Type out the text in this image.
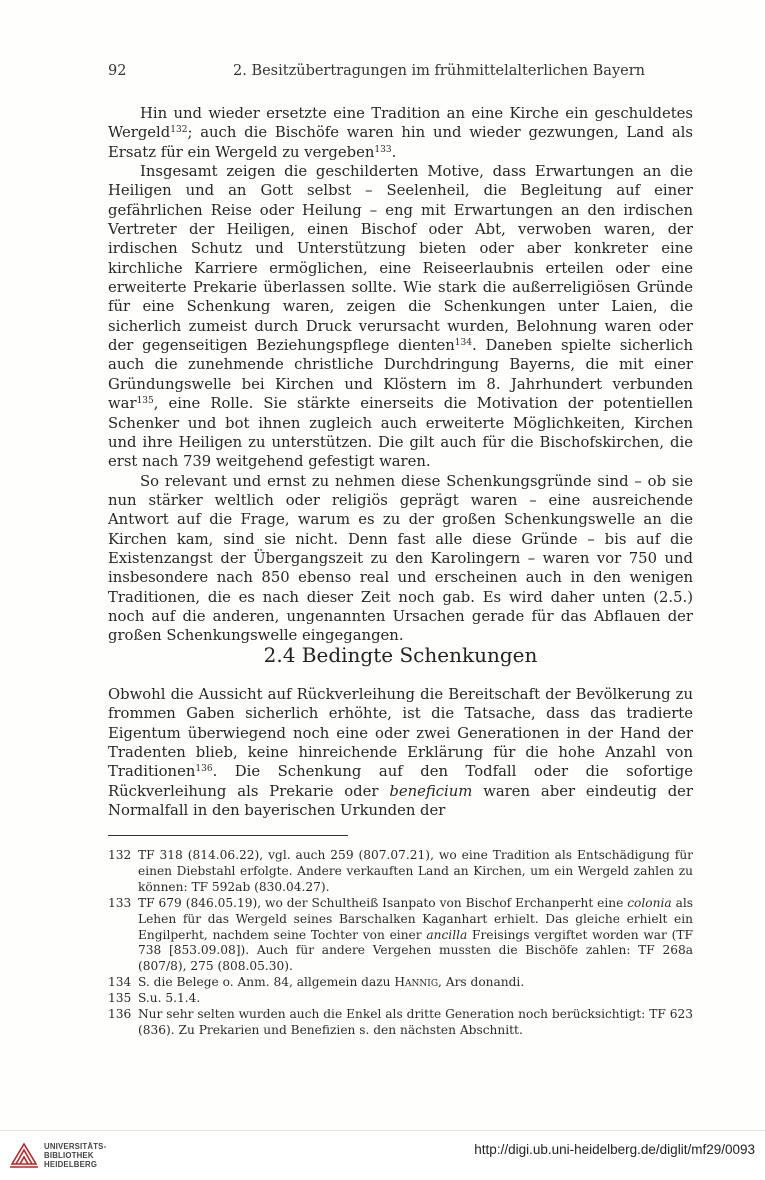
92	2. Besitzübertragungen im frühmittelalterlichen Bayern

Hin und wieder ersetzte eine Tradition an eine Kirche ein geschuldetes Wergeld$^{132}$; auch die Bischöfe waren hin und wieder gezwungen, Land als Ersatz für ein Wergeld zu vergeben$^{133}$.

Insgesamt zeigen die geschilderten Motive, dass Erwartungen an die Heiligen und an Gott selbst – Seelenheil, die Begleitung auf einer gefährlichen Reise oder Heilung – eng mit Erwartungen an den irdischen Vertreter der Heiligen, einen Bischof oder Abt, verwoben waren, der irdischen Schutz und Unterstützung bieten oder aber konkreter eine kirchliche Karriere ermöglichen, eine Reiseerlaubnis erteilen oder eine erweiterte Prekarie überlassen sollte. Wie stark die außerreligiösen Gründe für eine Schenkung waren, zeigen die Schenkungen unter Laien, die sicherlich zumeist durch Druck verursacht wurden, Belohnung waren oder der gegenseitigen Beziehungspflege dienten$^{134}$. Daneben spielte sicherlich auch die zunehmende christliche Durchdringung Bayerns, die mit einer Gründungswelle bei Kirchen und Klöstern im 8. Jahrhundert verbunden war$^{135}$, eine Rolle. Sie stärkte einerseits die Motivation der potentiellen Schenker und bot ihnen zugleich auch erweiterte Möglichkeiten, Kirchen und ihre Heiligen zu unterstützen. Die gilt auch für die Bischofskirchen, die erst nach 739 weitgehend gefestigt waren.

So relevant und ernst zu nehmen diese Schenkungsgründe sind – ob sie nun stärker weltlich oder religiös geprägt waren – eine ausreichende Antwort auf die Frage, warum es zu der großen Schenkungswelle an die Kirchen kam, sind sie nicht. Denn fast alle diese Gründe – bis auf die Existenzangst der Übergangszeit zu den Karolingern – waren vor 750 und insbesondere nach 850 ebenso real und erscheinen auch in den wenigen Traditionen, die es nach dieser Zeit noch gab. Es wird daher unten (2.5.) noch auf die anderen, ungenannten Ursachen gerade für das Abflauen der großen Schenkungswelle eingegangen.

2.4 Bedingte Schenkungen

Obwohl die Aussicht auf Rückverleihung die Bereitschaft der Bevölkerung zu frommen Gaben sicherlich erhöhte, ist die Tatsache, dass das tradierte Eigentum überwiegend noch eine oder zwei Generationen in der Hand der Tradenten blieb, keine hinreichende Erklärung für die hohe Anzahl von Traditionen$^{136}$. Die Schenkung auf den Todfall oder die sofortige Rückverleihung als Prekarie oder beneficium waren aber eindeutig der Normalfall in den bayerischen Urkunden der

132 TF 318 (814.06.22), vgl. auch 259 (807.07.21), wo eine Tradition als Entschädigung für einen Diebstahl erfolgte. Andere verkauften Land an Kirchen, um ein Wergeld zahlen zu können: TF 592ab (830.04.27).
133 TF 679 (846.05.19), wo der Schultheiß Isanpato von Bischof Erchanperht eine colonia als Lehen für das Wergeld seines Barschalken Kaganhart erhielt. Das gleiche erhielt ein Engilperht, nachdem seine Tochter von einer ancilla Freisings vergiftet worden war (TF 738 [853.09.08]). Auch für andere Vergehen mussten die Bischöfe zahlen: TF 268a (807/8), 275 (808.05.30).
134 S. die Belege o. Anm. 84, allgemein dazu Hannig, Ars donandi.
135 S.u. 5.1.4.
136 Nur sehr selten wurden auch die Enkel als dritte Generation noch berücksichtigt: TF 623 (836). Zu Prekarien und Benefizien s. den nächsten Abschnitt.
UNIVERSITÄTS-
BIBLIOTHEK
HEIDELBERG
http://digi.ub.uni-heidelberg.de/diglit/mf29/0093
